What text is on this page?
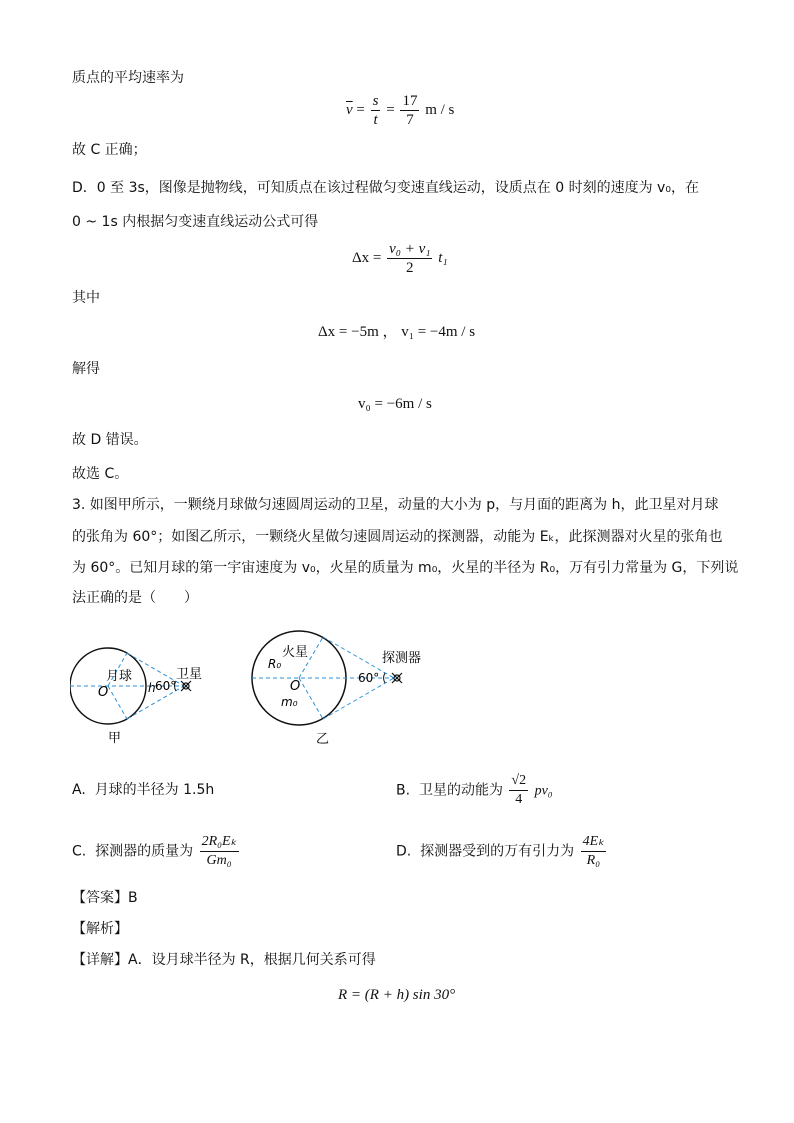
质点的平均速率为
$\overline{v} = \frac{s}{t} = \frac{17}{7}$ m / s
故 C 正确；
D．0 至 3s，图像是抛物线，可知质点在该过程做匀变速直线运动，设质点在 0 时刻的速度为 v₀，在
0 ~ 1s 内根据匀变速直线运动公式可得
$\Delta x = \frac{\text{v₀ + v₁}}{2} t_1$
其中
Δx = −5m ， v₁ = −4m / s
解得
v₀ = −6m / s
故 D 错误。
故选 C。
3. 如图甲所示，一颗绕月球做匀速圆周运动的卫星，动量的大小为 p，与月面的距离为 h，此卫星对月球
的张角为 60°；如图乙所示，一颗绕火星做匀速圆周运动的探测器，动能为 Eₖ，此探测器对火星的张角也
为 60°。已知月球的第一宇宙速度为 v₀，火星的质量为 m₀，火星的半径为 R₀，万有引力常量为 G，下列说
法正确的是（　　）
月球	卫星
O	h 60°
甲
火星
R₀
O
m₀
探测器
60°
乙
A. 月球的半径为 1.5h	B. 卫星的动能为 $\frac{√2}{4} pv_0$
C. 探测器的质量为 $\frac{\text{2R₀Eₖ}}{\text{Gm₀}}$	D. 探测器受到的万有引力为 $\frac{\text{4Eₖ}}{\text{R₀}}$
【答案】B
【解析】
【详解】A．设月球半径为 R，根据几何关系可得
R = (R + h) sin 30°
